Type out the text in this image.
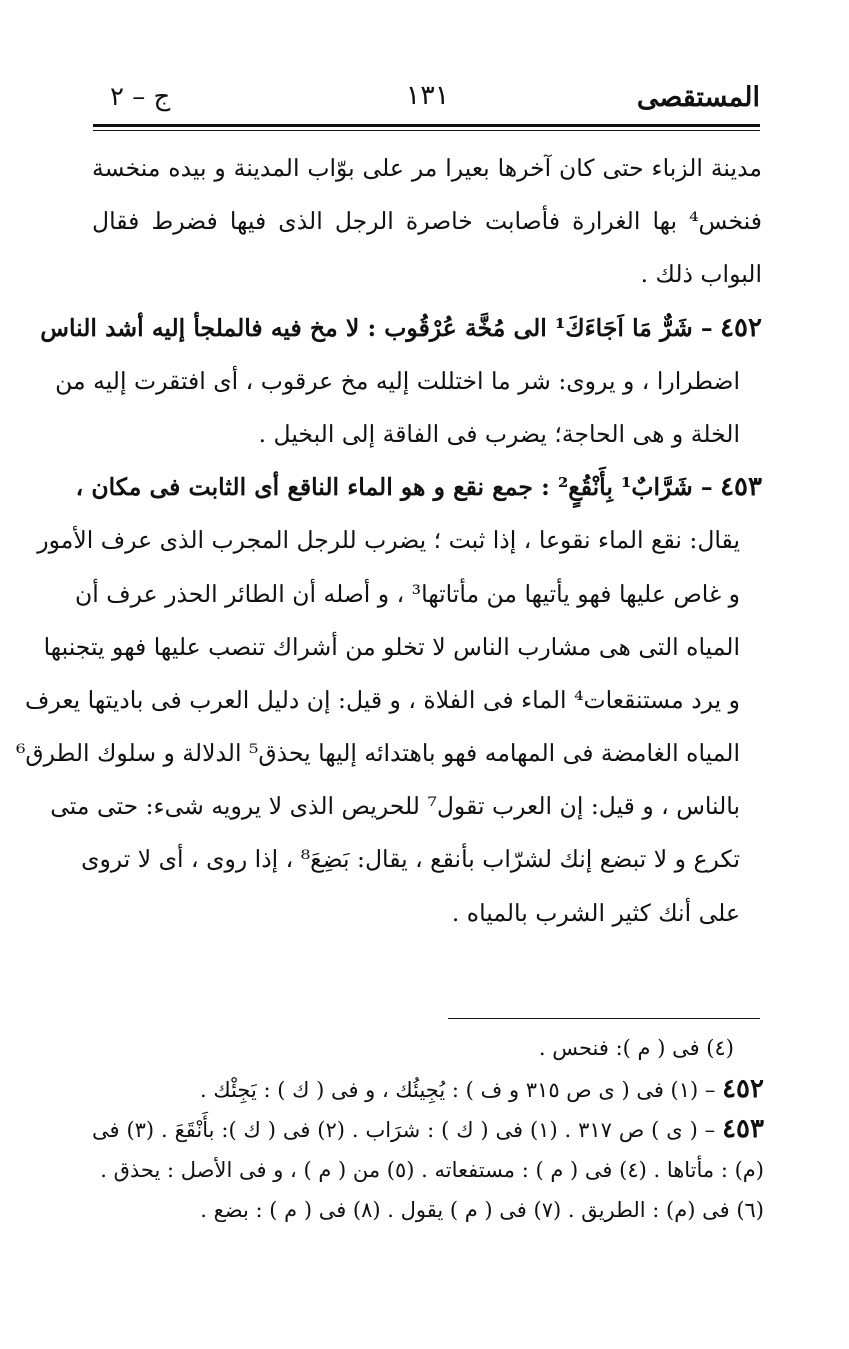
المستقصى
١٣١
ج – ٢
مدينة الزباء حتى كان آخرها بعيرا مر على بوّاب المدينة و بيده منخسة
فنخس⁴ بها الغرارة فأصابت خاصرة الرجل الذى فيها فضرط فقال
البواب ذلك .
٤٥٢ – شَرٌّ مَا اَجَاءَكَ¹ الى مُخَّة عُرْقُوب : لا مخ فيه فالملجأ إليه أشد الناس
اضطرارا ، و يروى: شر ما اختللت إليه مخ عرقوب ، أى افتقرت إليه من
الخلة و هى الحاجة؛ يضرب فى الفاقة إلى البخيل .
٤٥٣ – شَرَّابٌ¹ بِأَنْقُعٍ² : جمع نقع و هو الماء الناقع أى الثابت فى مكان ،
يقال: نقع الماء نقوعا ، إذا ثبت ؛ يضرب للرجل المجرب الذى عرف الأمور
و غاص عليها فهو يأتيها من مأتاتها³ ، و أصله أن الطائر الحذر عرف أن
المياه التى هى مشارب الناس لا تخلو من أشراك تنصب عليها فهو يتجنبها
و يرد مستنقعات⁴ الماء فى الفلاة ، و قيل: إن دليل العرب فى باديتها يعرف
المياه الغامضة فى المهامه فهو باهتدائه إليها يحذق⁵ الدلالة و سلوك الطرق⁶
بالناس ، و قيل: إن العرب تقول⁷ للحريص الذى لا يرويه شىء: حتى متى
تكرع و لا تبضع إنك لشرّاب بأنقع ، يقال: بَضِعَ⁸ ، إذا روى ، أى لا تروى
على أنك كثير الشرب بالمياه .
(٤) فى ( م ): فنحس .
٤٥٢ – (١) فى ( ى ص ٣١٥ و ف ) : يُجِيئُك ، و فى ( ك ) : يَجِئْك .
٤٥٣ – ( ى ) ص ٣١٧ . (١) فى ( ك ) : شرَاب . (٢) فى ( ك ): بأَنْقَعَ . (٣) فى
(م) : مأتاها . (٤) فى ( م ) : مستفعاته . (٥) من ( م ) ، و فى الأصل : يحذق .
(٦) فى (م) : الطريق . (٧) فى ( م ) يقول . (٨) فى ( م ) : بضع .
